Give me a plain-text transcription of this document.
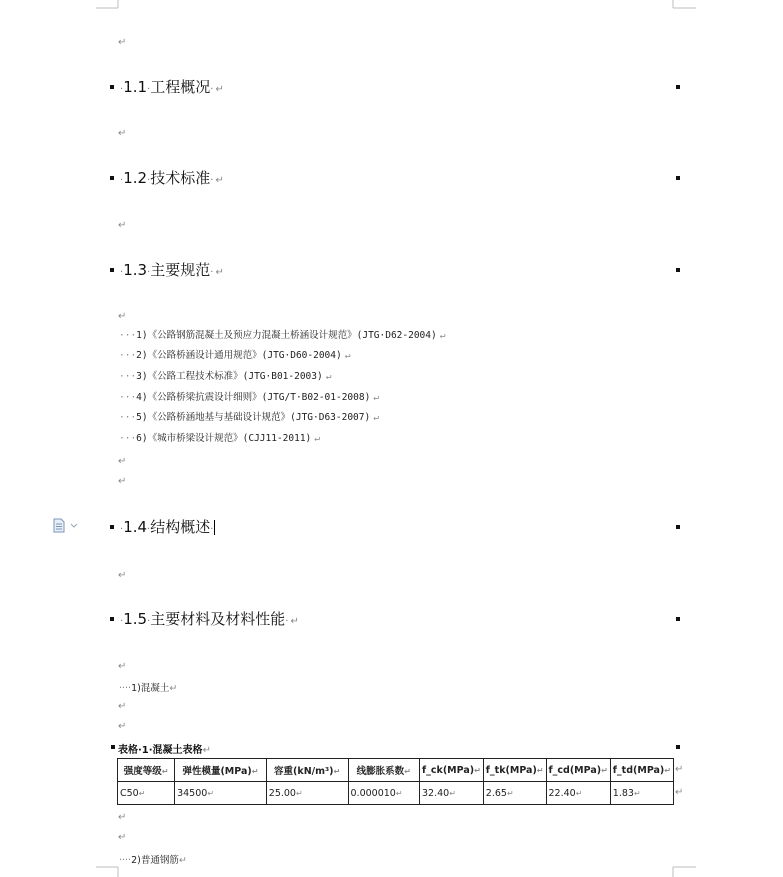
↵
↵
↵
↵
↵
↵
↵
↵
↵
↵
↵
↵
·1.1·工程概况· ↵
·1.2·技术标准· ↵
·1.3·主要规范· ↵
···1)《公路钢筋混凝土及预应力混凝土桥涵设计规范》(JTG·D62-2004) ↵
···2)《公路桥涵设计通用规范》(JTG·D60-2004) ↵
···3)《公路工程技术标准》(JTG·B01-2003) ↵
···4)《公路桥梁抗震设计细则》(JTG/T·B02-01-2008) ↵
···5)《公路桥涵地基与基础设计规范》(JTG·D63-2007) ↵
···6)《城市桥梁设计规范》(CJJ11-2011) ↵
·1.4·结构概述·
·1.5·主要材料及材料性能· ↵
····1)混凝土↵
表格·1·混凝土表格↵
强度等级↵	弹性模量(MPa)↵	容重(kN/m³)↵	线膨胀系数↵	f_ck(MPa)↵	f_tk(MPa)↵	f_cd(MPa)↵	f_td(MPa)↵
C50↵	34500↵	25.00↵	0.000010↵	32.40↵	2.65↵	22.40↵	1.83↵
↵
↵
····2)普通钢筋↵
